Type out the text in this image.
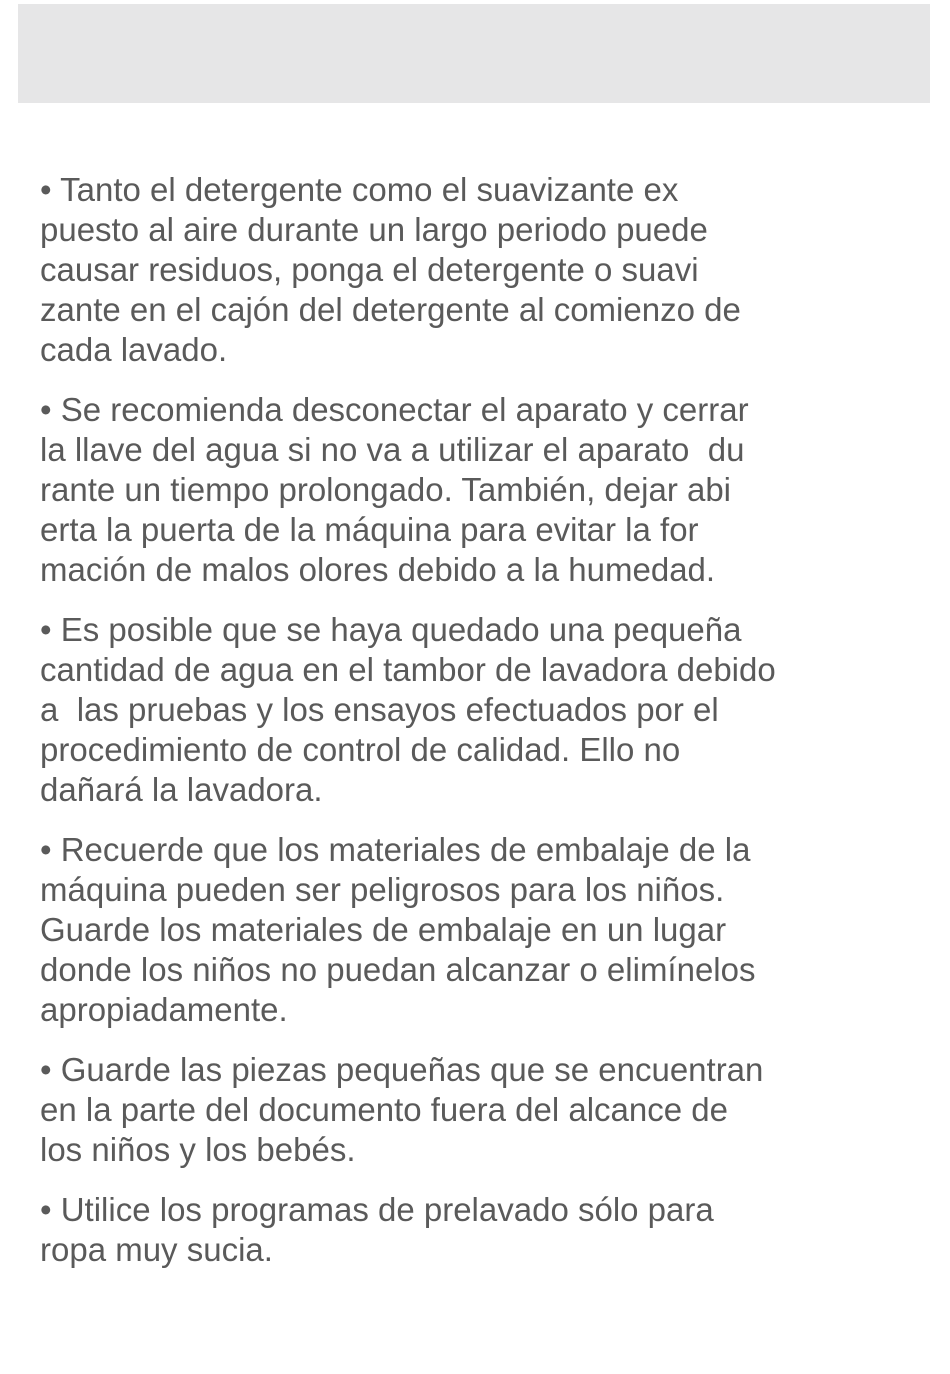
• Tanto el detergente como el suavizante ex
puesto al aire durante un largo periodo puede
causar residuos, ponga el detergente o suavi
zante en el cajón del detergente al comienzo de
cada lavado.

• Se recomienda desconectar el aparato y cerrar
la llave del agua si no va a utilizar el aparato  du
rante un tiempo prolongado. También, dejar abi
erta la puerta de la máquina para evitar la for
mación de malos olores debido a la humedad.

• Es posible que se haya quedado una pequeña
cantidad de agua en el tambor de lavadora debido
a  las pruebas y los ensayos efectuados por el
procedimiento de control de calidad. Ello no
dañará la lavadora.

• Recuerde que los materiales de embalaje de la
máquina pueden ser peligrosos para los niños.
Guarde los materiales de embalaje en un lugar
donde los niños no puedan alcanzar o elimínelos
apropiadamente.

• Guarde las piezas pequeñas que se encuentran
en la parte del documento fuera del alcance de
los niños y los bebés.

• Utilice los programas de prelavado sólo para
ropa muy sucia.
